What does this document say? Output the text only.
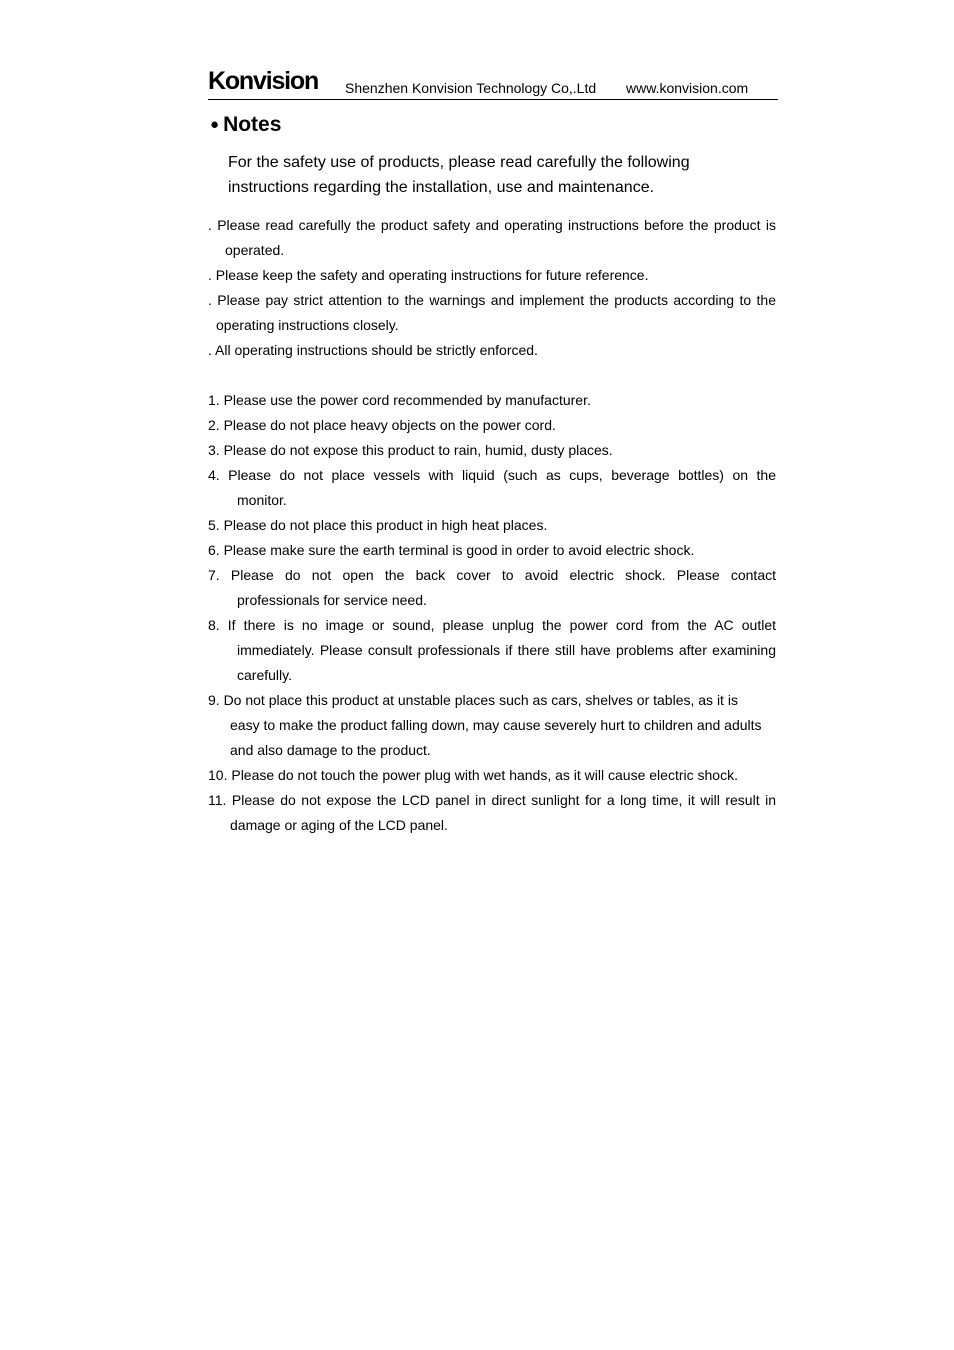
Konvision Shenzhen Konvision Technology Co,.Ltd www.konvision.com
● Notes

For the safety use of products, please read carefully the following

instructions regarding the installation, use and maintenance.

. Please read carefully the product safety and operating instructions before the product is
operated.
. Please keep the safety and operating instructions for future reference.
. Please pay strict attention to the warnings and implement the products according to the
operating instructions closely.
. All operating instructions should be strictly enforced.
1. Please use the power cord recommended by manufacturer.
2. Please do not place heavy objects on the power cord.
3. Please do not expose this product to rain, humid, dusty places.
4. Please do not place vessels with liquid (such as cups, beverage bottles) on the
monitor.
5. Please do not place this product in high heat places.
6. Please make sure the earth terminal is good in order to avoid electric shock.
7. Please do not open the back cover to avoid electric shock. Please contact
professionals for service need.
8. If there is no image or sound, please unplug the power cord from the AC outlet
immediately. Please consult professionals if there still have problems after examining
carefully.
9. Do not place this product at unstable places such as cars, shelves or tables, as it is
easy to make the product falling down, may cause severely hurt to children and adults
and also damage to the product.
10. Please do not touch the power plug with wet hands, as it will cause electric shock.
11. Please do not expose the LCD panel in direct sunlight for a long time, it will result in
damage or aging of the LCD panel.
